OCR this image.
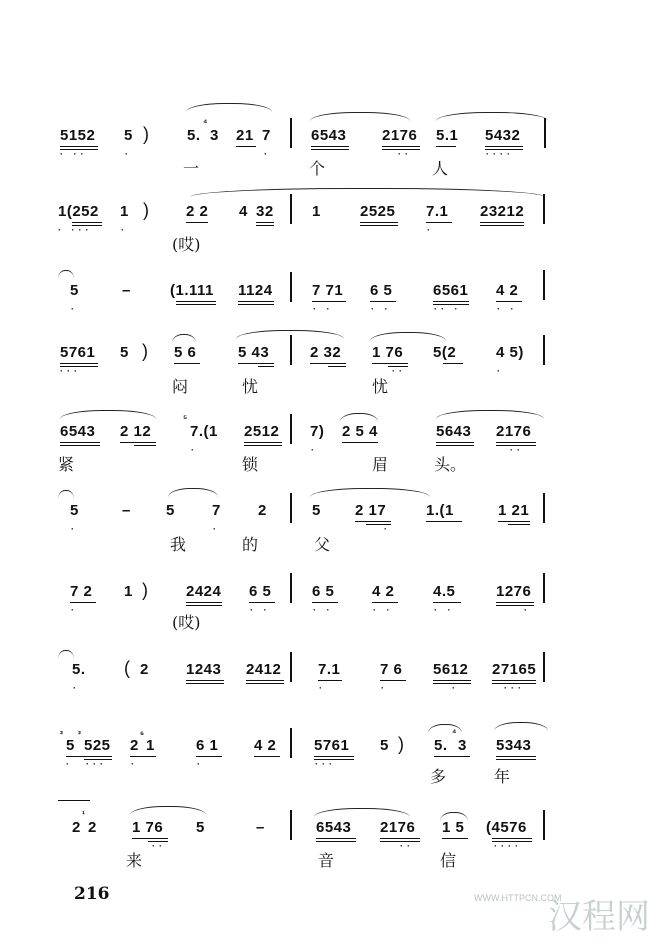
5152 5 )	5.
⁴
3 21 7	6543 2176 5.1 5432
· ··	·	·	··	····
一	个	人
1(252 1 ) 2 2 4 32	1	2525 7.1 23212
· ···	·	·
(哎)
5	–	(1.111 1124	7 71 6 5	6561 4 2
·	· ·	· ·	·· ·	· ·
5761 5 ) 5 6	5 43	2 32 1 76 5(2	4 5)
···	··	·
闷	忧	忧
6543 2 12
⁵
7.(1 2512 7) 2 5 4	5643 2176
·	·	··
紧	锁	眉	头。
5	– 5 7 2	5 2 17	1.(1	1 21
·	·	·
我	的	父
7 2 1 )	2424 6 5	6 5	4 2	4.5	1276
·	· ·	· ·	· ·	· ·	·
(哎)
5. ( 2 1243 2412 7.1	7 6 5612 27165
·	·	·	·	···
²
5
²
525 2
⁶
1	6 1 4 2	5761 5 ) 5.
⁴
3 5343
·  ···	·	·	···
多	年
2
¹
2 1 76 5	–	6543 2176 1 5 (4576
··	··	····
来	音	信
216	WWW.HTTPCN.COM
汉程网
